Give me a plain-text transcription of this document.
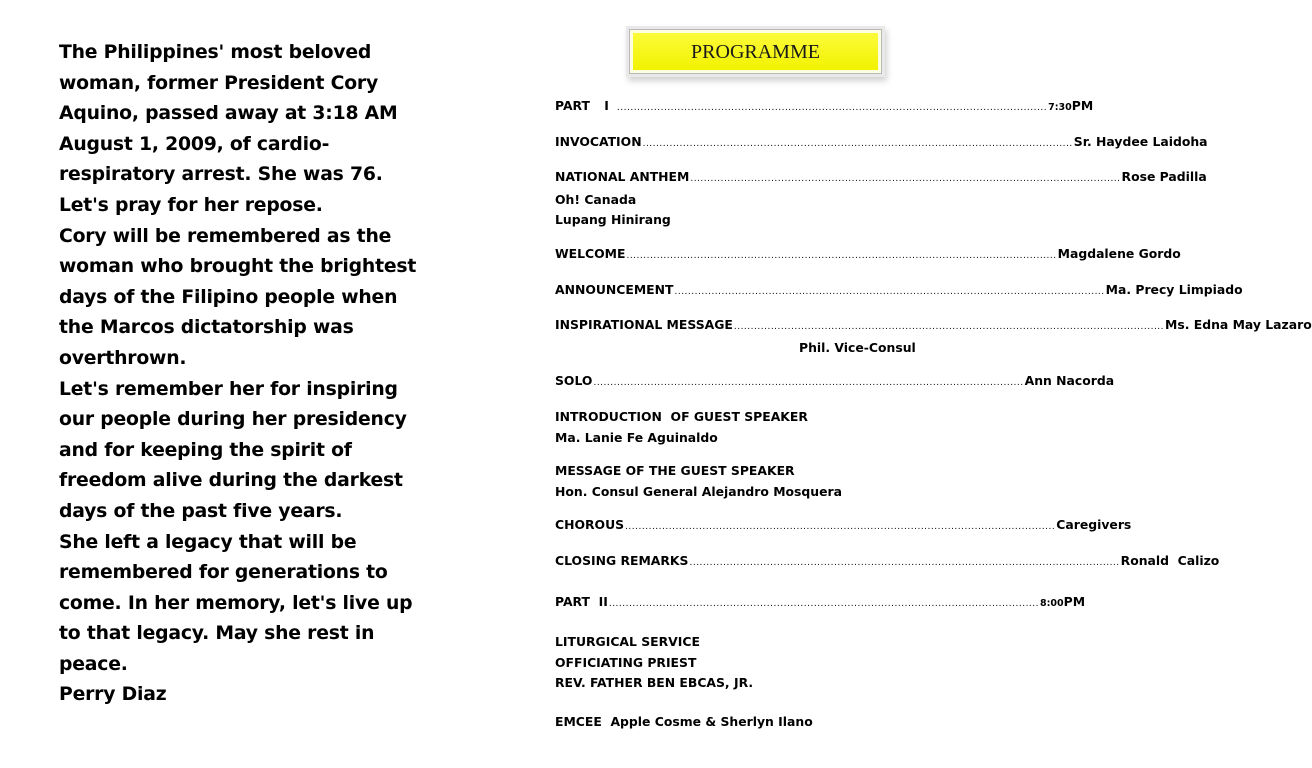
The Philippines' most beloved woman, former President Cory Aquino, passed away at 3:18 AM August 1, 2009, of cardio-respiratory arrest. She was 76. Let's pray for her repose.

Cory will be remembered as the woman who brought the brightest days of the Filipino people when the Marcos dictatorship was overthrown.

Let's remember her for inspiring our people during her presidency and for keeping the spirit of freedom alive during the darkest days of the past five years.

She left a legacy that will be remembered for generations to come. In her memory, let's live up to that legacy. May she rest in peace.

Perry Diaz

PROGRAMME
PART I ................................................................................................................................ 7:30PM
INVOCATION ................................................................................................................................ Sr. Haydee Laidoha
NATIONAL ANTHEM ................................................................................................................................ Rose Padilla
Oh! Canada
Lupang Hinirang
WELCOME ................................................................................................................................ Magdalene Gordo
ANNOUNCEMENT ................................................................................................................................ Ma. Precy Limpiado
INSPIRATIONAL MESSAGE ................................................................................................................................ Ms. Edna May Lazaro
Phil. Vice-Consul
SOLO ................................................................................................................................ Ann Nacorda
INTRODUCTION  OF GUEST SPEAKER
Ma. Lanie Fe Aguinaldo
MESSAGE OF THE GUEST SPEAKER
Hon. Consul General Alejandro Mosquera
CHOROUS ................................................................................................................................ Caregivers
CLOSING REMARKS ................................................................................................................................ Ronald  Calizo
PART  II ................................................................................................................................ 8:00PM
LITURGICAL SERVICE
OFFICIATING PRIEST
REV. FATHER BEN EBCAS, JR.
EMCEE  Apple Cosme & Sherlyn Ilano
